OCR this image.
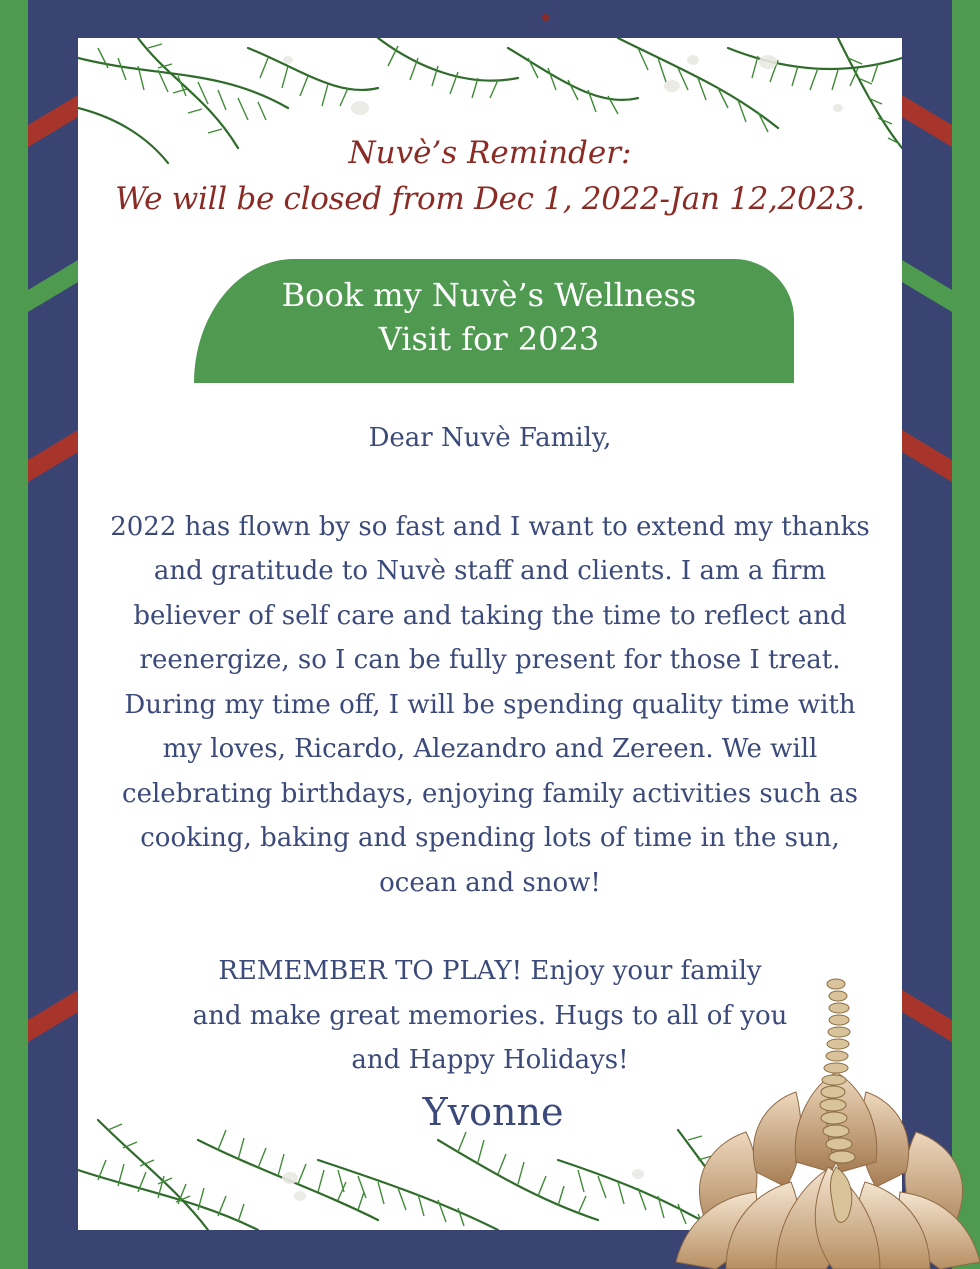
Nuvè’s Reminder:
We will be closed from Dec 1, 2022-Jan 12,2023.
Book my Nuvè’s Wellness
Visit for 2023

Dear Nuvè Family,

2022 has flown by so fast and I want to extend my thanks

and gratitude to Nuvè staff and clients. I am a firm

believer of self care and taking the time to reflect and

reenergize, so I can be fully present for those I treat.

During my time off, I will be spending quality time with

my loves, Ricardo, Alezandro and Zereen. We will

celebrating birthdays, enjoying family activities such as

cooking, baking and spending lots of time in the sun,

ocean and snow!

REMEMBER TO PLAY! Enjoy your family

and make great memories. Hugs to all of you

and Happy Holidays!

Yvonne
